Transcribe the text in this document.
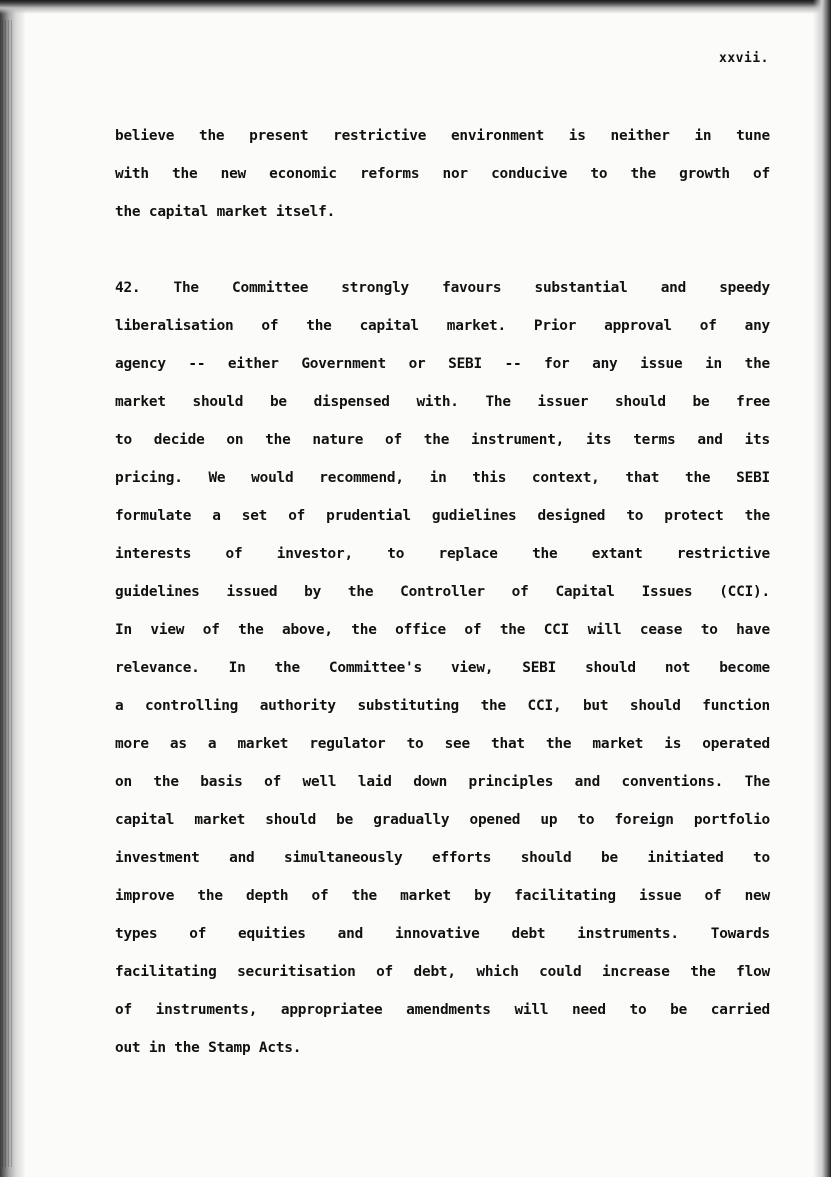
xxvii.
believe the present restrictive environment is neither in tune
with the new economic reforms nor conducive to the growth of
the capital market itself.
42. The Committee strongly favours substantial and speedy
liberalisation of the capital market. Prior approval of any
agency -- either Government or SEBI -- for any issue in the
market should be dispensed with. The issuer should be free
to decide on the nature of the instrument, its terms and its
pricing. We would recommend, in this context, that the SEBI
formulate a set of prudential gudielines designed to protect the
interests of investor, to replace the extant restrictive
guidelines issued by the Controller of Capital Issues (CCI).
In view of the above, the office of the CCI will cease to have
relevance. In the Committee's view, SEBI should not become
a controlling authority substituting the CCI, but should function
more as a market regulator to see that the market is operated
on the basis of well laid down principles and conventions. The
capital market should be gradually opened up to foreign portfolio
investment and simultaneously efforts should be initiated to
improve the depth of the market by facilitating issue of new
types of equities and innovative debt instruments. Towards
facilitating securitisation of debt, which could increase the flow
of instruments, appropriatee amendments will need to be carried
out in the Stamp Acts.
